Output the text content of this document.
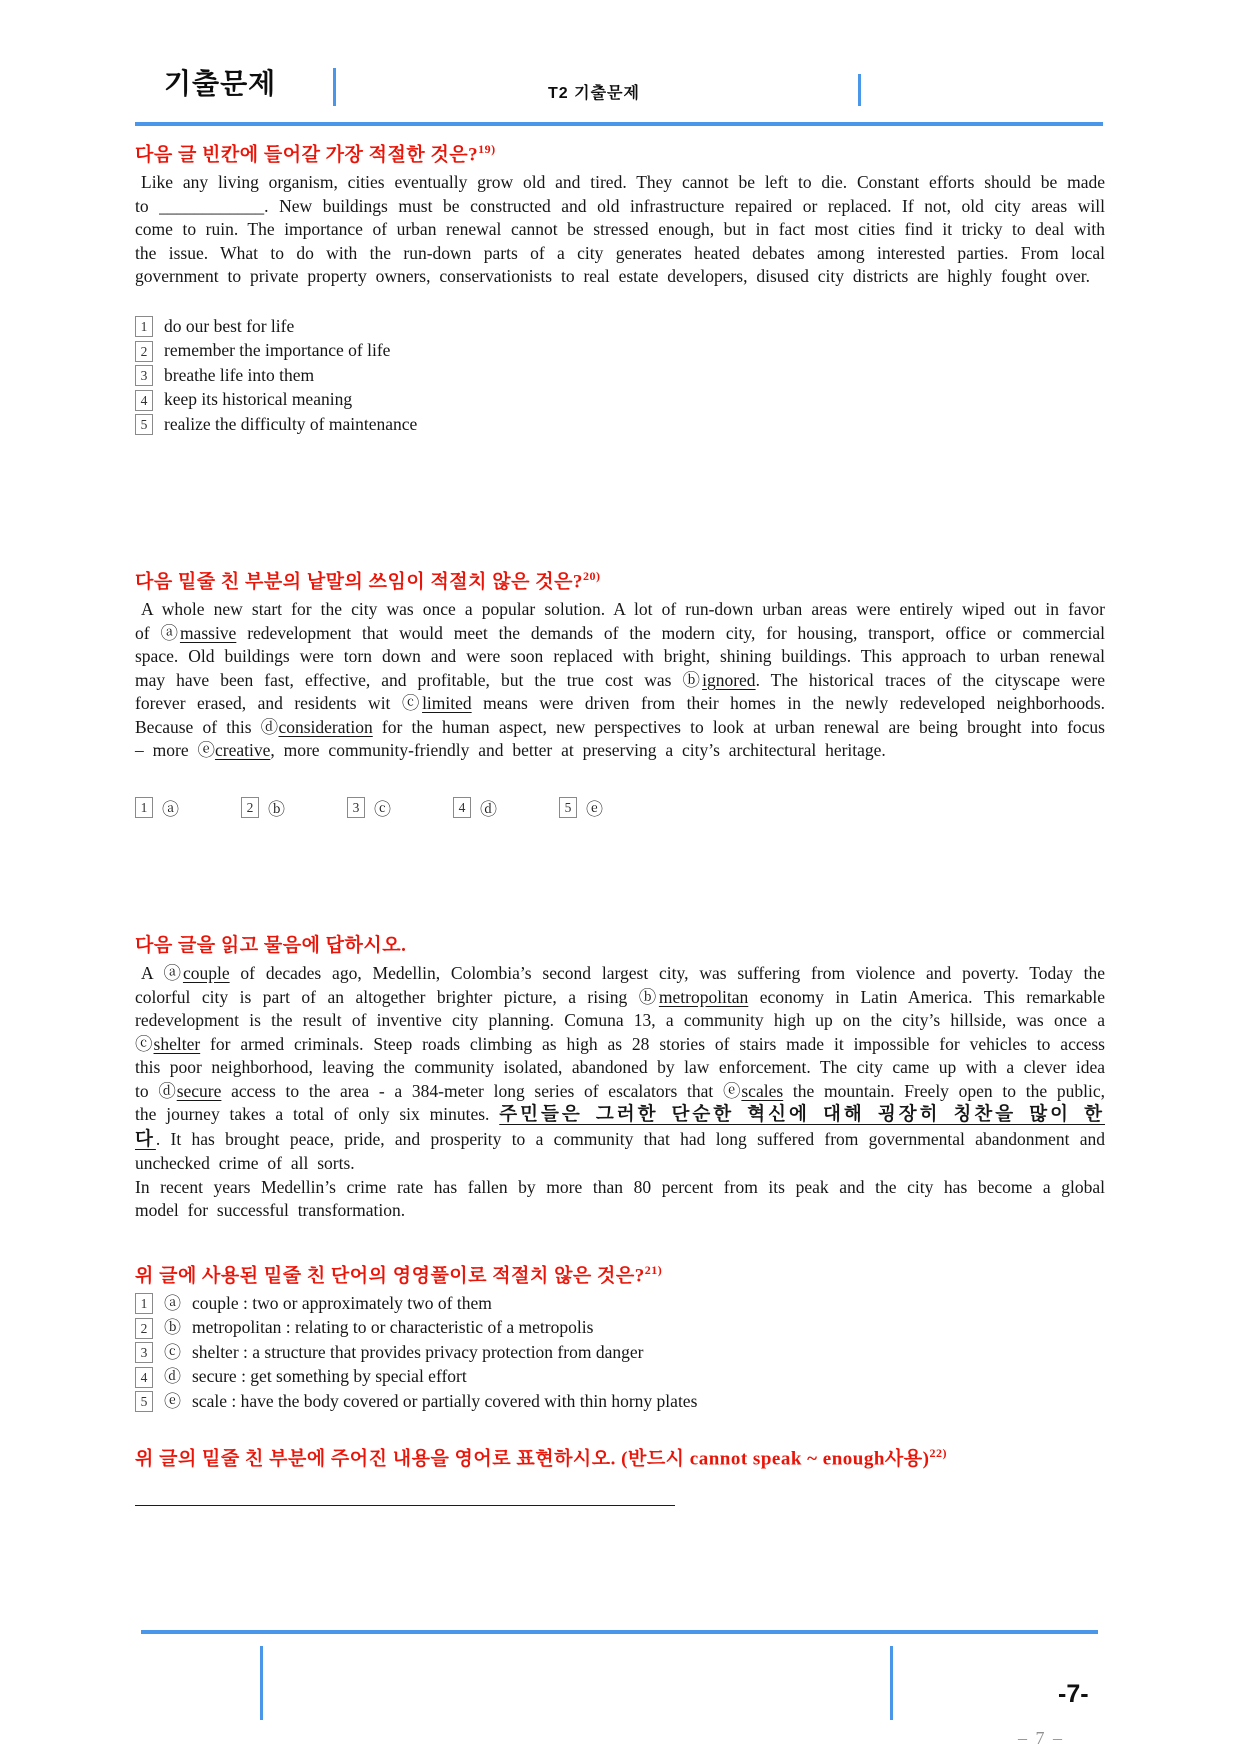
기출문제	T2 기출문제
다음 글 빈칸에 들어갈 가장 적절한 것은?$^{19)}$

Like any living organism, cities eventually grow old and tired. They cannot be left to die. Constant efforts should be made to ____________. New buildings must be constructed and old infrastructure repaired or replaced. If not, old city areas will come to ruin. The importance of urban renewal cannot be stressed enough, but in fact most cities find it tricky to deal with the issue. What to do with the run-down parts of a city generates heated debates among interested parties. From local government to private property owners, conservationists to real estate developers, disused city districts are highly fought over.

1 do our best for life
2 remember the importance of life
3 breathe life into them
4 keep its historical meaning
5 realize the difficulty of maintenance
다음 밑줄 친 부분의 낱말의 쓰임이 적절치 않은 것은?$^{20)}$

A whole new start for the city was once a popular solution. A lot of run-down urban areas were entirely wiped out in favor of ⓐmassive redevelopment that would meet the demands of the modern city, for housing, transport, office or commercial space. Old buildings were torn down and were soon replaced with bright, shining buildings. This approach to urban renewal may have been fast, effective, and profitable, but the true cost was ⓑignored. The historical traces of the cityscape were forever erased, and residents wit ⓒlimited means were driven from their homes in the newly redeveloped neighborhoods. Because of this ⓓconsideration for the human aspect, new perspectives to look at urban renewal are being brought into focus – more ⓔcreative, more community-friendly and better at preserving a city’s architectural heritage.

1 ⓐ	2 ⓑ	3 ⓒ	4 ⓓ	5 ⓔ
다음 글을 읽고 물음에 답하시오.

A ⓐcouple of decades ago, Medellin, Colombia’s second largest city, was suffering from violence and poverty. Today the colorful city is part of an altogether brighter picture, a rising ⓑmetropolitan economy in Latin America. This remarkable redevelopment is the result of inventive city planning. Comuna 13, a community high up on the city’s hillside, was once a ⓒshelter for armed criminals. Steep roads climbing as high as 28 stories of stairs made it impossible for vehicles to access this poor neighborhood, leaving the community isolated, abandoned by law enforcement. The city came up with a clever idea to ⓓsecure access to the area - a 384-meter long series of escalators that ⓔscales the mountain. Freely open to the public, the journey takes a total of only six minutes. 주민들은 그러한 단순한 혁신에 대해 굉장히 칭찬을 많이 한다. It has brought peace, pride, and prosperity to a community that had long suffered from governmental abandonment and unchecked crime of all sorts.

In recent years Medellin’s crime rate has fallen by more than 80 percent from its peak and the city has become a global model for successful transformation.

위 글에 사용된 밑줄 친 단어의 영영풀이로 적절치 않은 것은?$^{21)}$
1 ⓐ couple : two or approximately two of them
2 ⓑ metropolitan : relating to or characteristic of a metropolis
3 ⓒ shelter : a structure that provides privacy protection from danger
4 ⓓ secure : get something by special effort
5 ⓔ scale : have the body covered or partially covered with thin horny plates
위 글의 밑줄 친 부분에 주어진 내용을 영어로 표현하시오. (반드시 cannot speak ~ enough사용)$^{22)}$
-7-
– 7 –
